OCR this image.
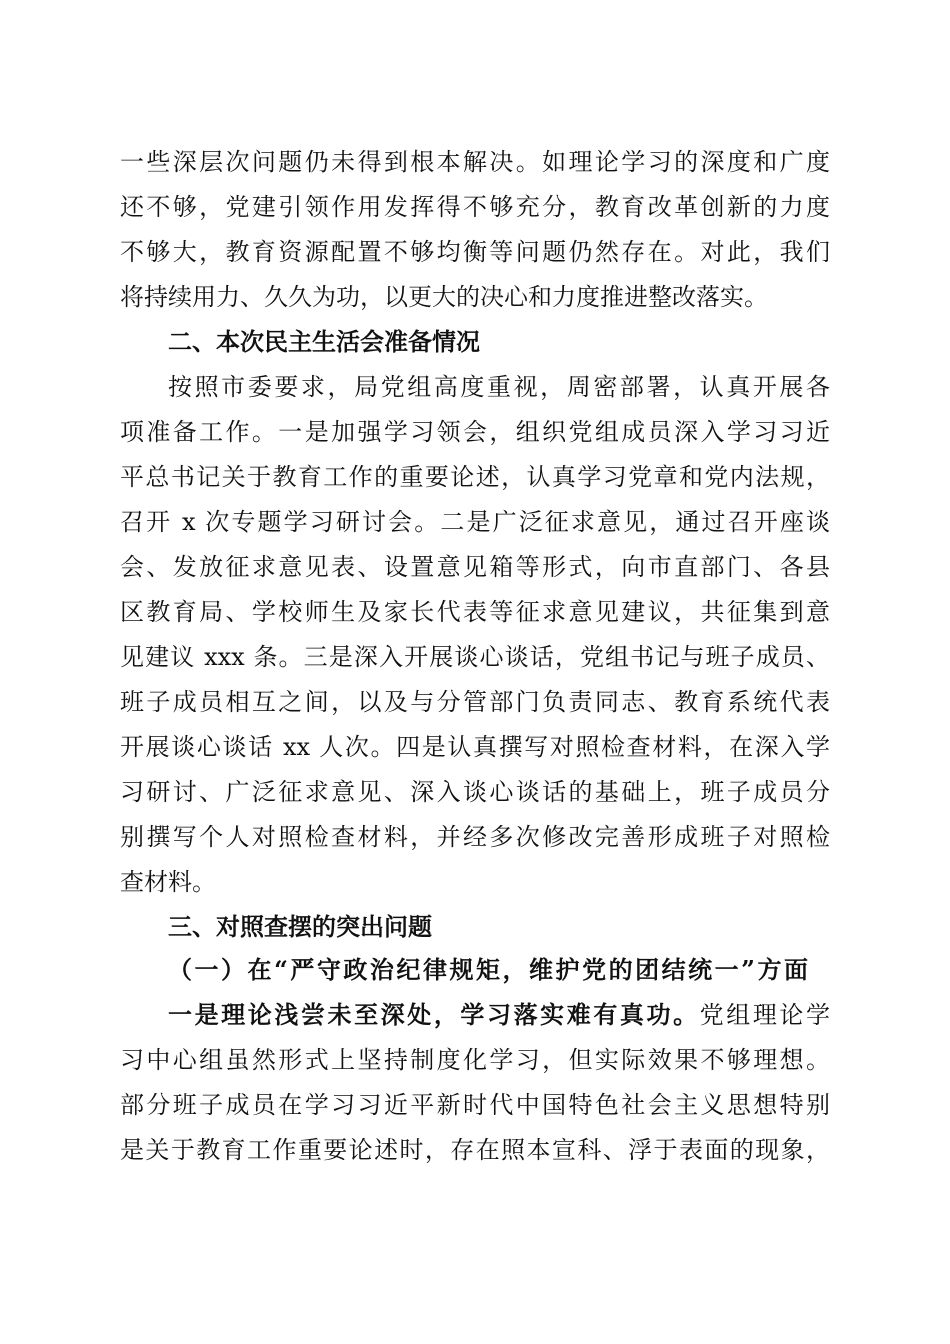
一些深层次问题仍未得到根本解决。如理论学习的深度和广度
还不够，党建引领作用发挥得不够充分，教育改革创新的力度
不够大，教育资源配置不够均衡等问题仍然存在。对此，我们
将持续用力、久久为功，以更大的决心和力度推进整改落实。
二、本次民主生活会准备情况
按照市委要求，局党组高度重视，周密部署，认真开展各
项准备工作。一是加强学习领会，组织党组成员深入学习习近
平总书记关于教育工作的重要论述，认真学习党章和党内法规，
召开 x 次专题学习研讨会。二是广泛征求意见，通过召开座谈
会、发放征求意见表、设置意见箱等形式，向市直部门、各县
区教育局、学校师生及家长代表等征求意见建议，共征集到意
见建议 xxx 条。三是深入开展谈心谈话，党组书记与班子成员、
班子成员相互之间，以及与分管部门负责同志、教育系统代表
开展谈心谈话 xx 人次。四是认真撰写对照检查材料，在深入学
习研讨、广泛征求意见、深入谈心谈话的基础上，班子成员分
别撰写个人对照检查材料，并经多次修改完善形成班子对照检
查材料。
三、对照查摆的突出问题
（一）在“严守政治纪律规矩，维护党的团结统一”方面
一是理论浅尝未至深处，学习落实难有真功。党组理论学
习中心组虽然形式上坚持制度化学习，但实际效果不够理想。
部分班子成员在学习习近平新时代中国特色社会主义思想特别
是关于教育工作重要论述时，存在照本宣科、浮于表面的现象，
